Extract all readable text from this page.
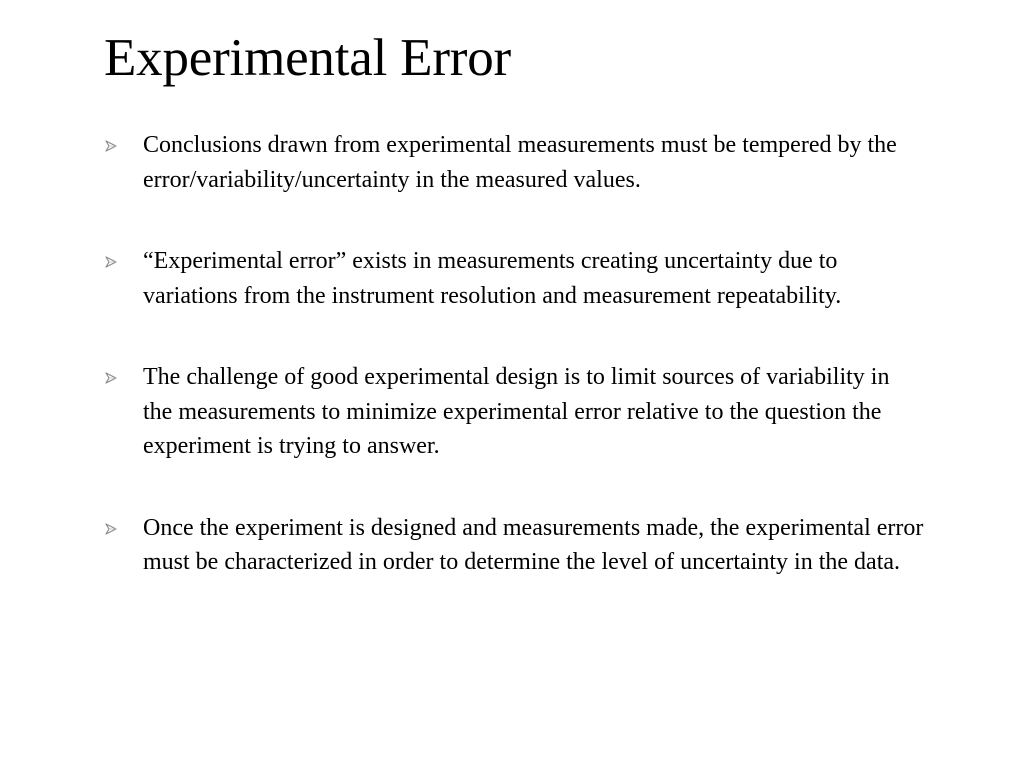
Experimental Error
Conclusions drawn from experimental measurements must be tempered by the error/variability/uncertainty in the measured values.
“Experimental error” exists in measurements creating uncertainty due to variations from the instrument resolution and measurement repeatability.
The challenge of good experimental design is to limit sources of variability in the measurements to minimize experimental error relative to the question the experiment is trying to answer.
Once the experiment is designed and measurements made, the experimental error must be characterized in order to determine the level of uncertainty in the data.
